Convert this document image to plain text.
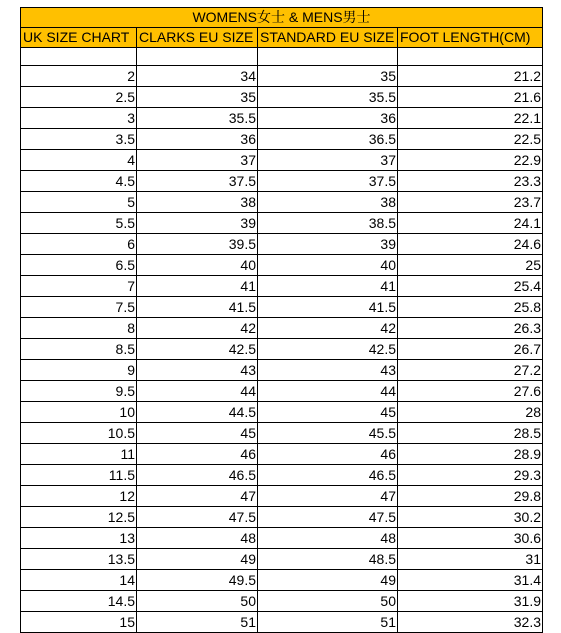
WOMENS女士 & MENS男士			
UK SIZE CHART	CLARKS EU SIZE	STANDARD EU SIZE	FOOT LENGTH(CM)

2	34	35	21.2
2.5	35	35.5	21.6
3	35.5	36	22.1
3.5	36	36.5	22.5
4	37	37	22.9
4.5	37.5	37.5	23.3
5	38	38	23.7
5.5	39	38.5	24.1
6	39.5	39	24.6
6.5	40	40	25
7	41	41	25.4
7.5	41.5	41.5	25.8
8	42	42	26.3
8.5	42.5	42.5	26.7
9	43	43	27.2
9.5	44	44	27.6
10	44.5	45	28
10.5	45	45.5	28.5
11	46	46	28.9
11.5	46.5	46.5	29.3
12	47	47	29.8
12.5	47.5	47.5	30.2
13	48	48	30.6
13.5	49	48.5	31
14	49.5	49	31.4
14.5	50	50	31.9
15	51	51	32.3
